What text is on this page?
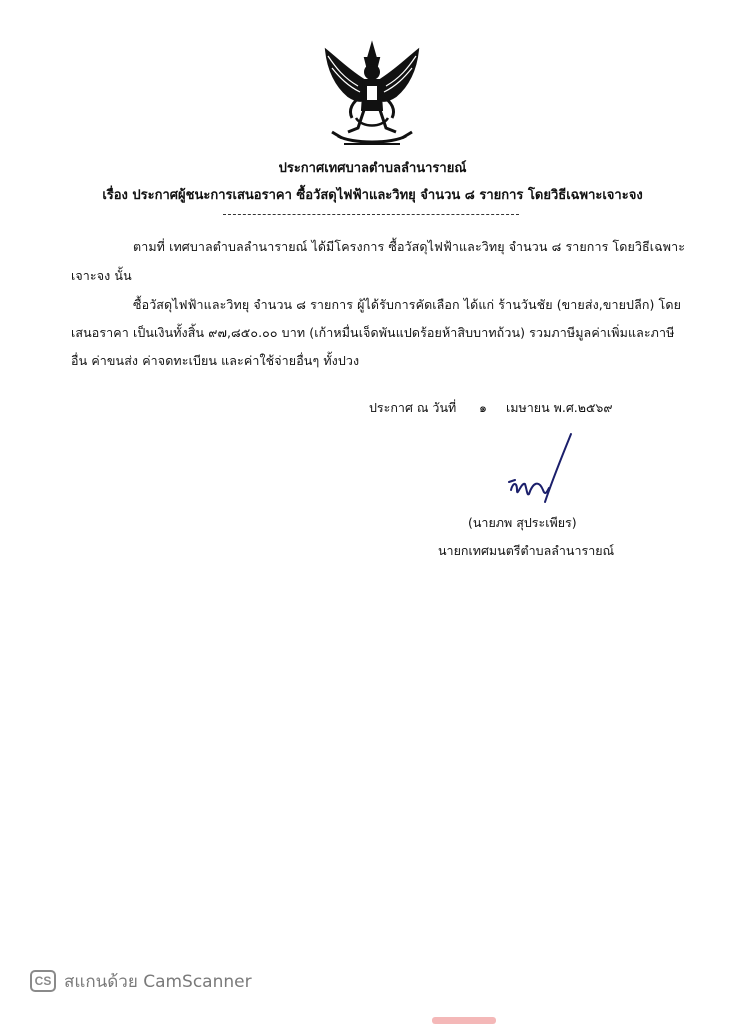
ประกาศเทศบาลตำบลลำนารายณ์
เรื่อง ประกาศผู้ชนะการเสนอราคา ซื้อวัสดุไฟฟ้าและวิทยุ จำนวน ๘ รายการ โดยวิธีเฉพาะเจาะจง
ตามที่ เทศบาลตำบลลำนารายณ์ ได้มีโครงการ ซื้อวัสดุไฟฟ้าและวิทยุ จำนวน ๘ รายการ โดยวิธีเฉพาะ
เจาะจง นั้น
ซื้อวัสดุไฟฟ้าและวิทยุ จำนวน ๘ รายการ ผู้ได้รับการคัดเลือก ได้แก่ ร้านวันชัย (ขายส่ง,ขายปลีก) โดย
เสนอราคา เป็นเงินทั้งสิ้น ๙๗,๘๕๐.๐๐ บาท (เก้าหมื่นเจ็ดพันแปดร้อยห้าสิบบาทถ้วน) รวมภาษีมูลค่าเพิ่มและภาษี
อื่น ค่าขนส่ง ค่าจดทะเบียน และค่าใช้จ่ายอื่นๆ ทั้งปวง
ประกาศ ณ วันที่ ๑ เมษายน พ.ศ.๒๕๖๙
(นายภพ สุประเพียร)
นายกเทศมนตรีตำบลลำนารายณ์
CS สแกนด้วย CamScanner
